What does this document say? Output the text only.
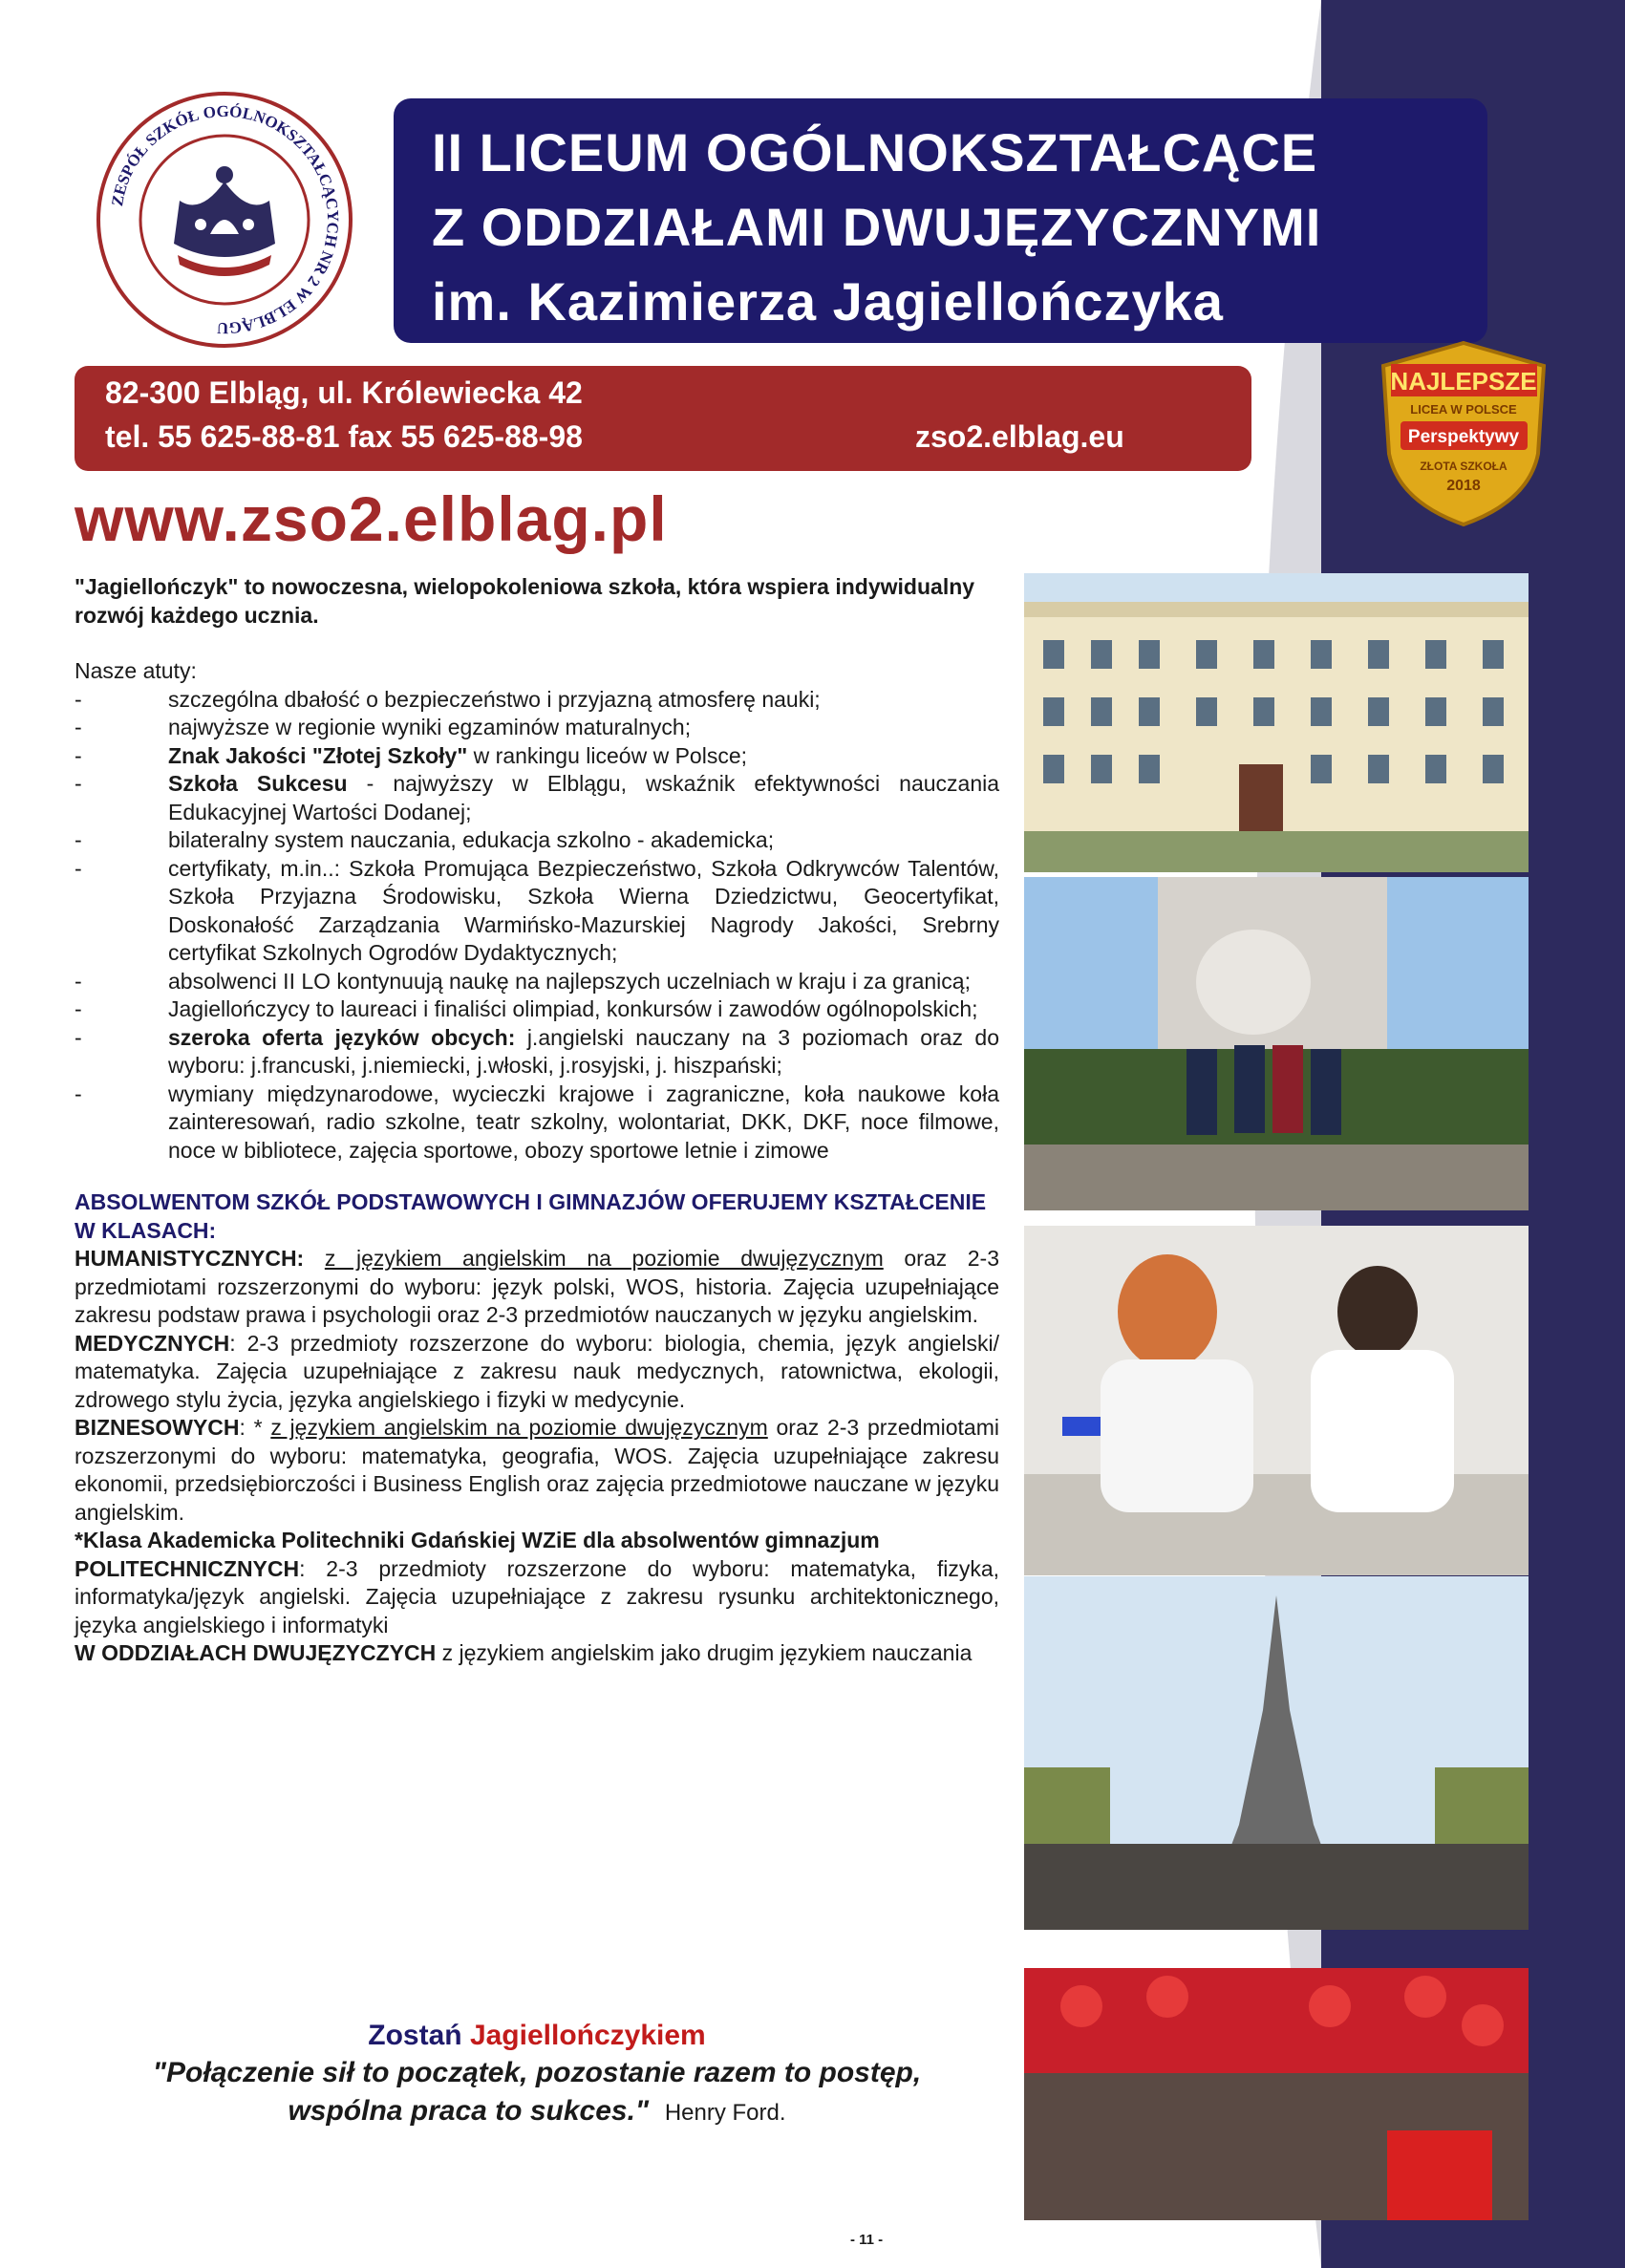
ZESPÓŁ SZKÓŁ OGÓLNOKSZTAŁCĄCYCH NR 2 W ELBLĄGU
II LICEUM OGÓLNOKSZTAŁCĄCE
Z ODDZIAŁAMI DWUJĘZYCZNYMI
im. Kazimierza Jagiellończyka
82-300 Elbląg, ul. Królewiecka 42
tel. 55 625-88-81 fax 55 625-88-98	zso2.elblag.eu
NAJLEPSZE
LICEA W POLSCE
Perspektywy
ZŁOTA SZKOŁA
2018
www.zso2.elblag.pl
"Jagiellończyk" to nowoczesna, wielopokoleniowa szkoła, która wspiera indywidualny rozwój każdego ucznia.
Nasze atuty:
-	szczególna dbałość o bezpieczeństwo i przyjazną atmosferę nauki;
-	najwyższe w regionie wyniki egzaminów maturalnych;
-	Znak Jakości "Złotej Szkoły" w rankingu liceów w Polsce;
-	Szkoła Sukcesu - najwyższy w Elblągu, wskaźnik efektywności nauczania Edukacyjnej Wartości Dodanej;
-	bilateralny system nauczania, edukacja szkolno - akademicka;
-	certyfikaty, m.in..: Szkoła Promująca Bezpieczeństwo, Szkoła Odkrywców Talentów, Szkoła Przyjazna Środowisku, Szkoła Wierna Dziedzictwu, Geocertyfikat, Doskonałość Zarządzania Warmińsko-Mazurskiej Nagrody Jakości, Srebrny certyfikat Szkolnych Ogrodów Dydaktycznych;
-	absolwenci II LO kontynuują naukę na najlepszych uczelniach w kraju i za granicą;
-	Jagiellończycy to laureaci i finaliści olimpiad, konkursów i zawodów ogólnopolskich;
-	szeroka oferta języków obcych: j.angielski nauczany na 3 poziomach oraz do wyboru: j.francuski, j.niemiecki, j.włoski, j.rosyjski, j. hiszpański;
-	wymiany międzynarodowe, wycieczki krajowe i zagraniczne, koła naukowe koła zainteresowań, radio szkolne, teatr szkolny, wolontariat, DKK, DKF, noce filmowe, noce w bibliotece, zajęcia sportowe, obozy sportowe letnie i zimowe
ABSOLWENTOM SZKÓŁ PODSTAWOWYCH I GIMNAZJÓW OFERUJEMY KSZTAŁCENIE W KLASACH:
HUMANISTYCZNYCH: z językiem angielskim na poziomie dwujęzycznym oraz 2-3 przedmiotami rozszerzonymi do wyboru: język polski, WOS, historia. Zajęcia uzupełniające zakresu podstaw prawa i psychologii oraz 2-3 przedmiotów nauczanych w języku angielskim.
MEDYCZNYCH: 2-3 przedmioty rozszerzone do wyboru: biologia, chemia, język angielski/ matematyka. Zajęcia uzupełniające z zakresu nauk medycznych, ratownictwa, ekologii, zdrowego stylu życia, języka angielskiego i fizyki w medycynie.
BIZNESOWYCH: * z językiem angielskim na poziomie dwujęzycznym oraz 2-3 przedmiotami rozszerzonymi do wyboru: matematyka, geografia, WOS. Zajęcia uzupełniające zakresu ekonomii, przedsiębiorczości i Business English oraz zajęcia przedmiotowe nauczane w języku angielskim.
*Klasa Akademicka Politechniki Gdańskiej WZiE dla absolwentów gimnazjum
POLITECHNICZNYCH: 2-3 przedmioty rozszerzone do wyboru: matematyka, fizyka, informatyka/język angielski. Zajęcia uzupełniające z zakresu rysunku architektonicznego, języka angielskiego i informatyki
W ODDZIAŁACH DWUJĘZYCZYCH z językiem angielskim jako drugim językiem nauczania
Zostań Jagiellończykiem
"Połączenie sił to początek, pozostanie razem to postęp,
wspólna praca to sukces." Henry Ford.
- 11 -
